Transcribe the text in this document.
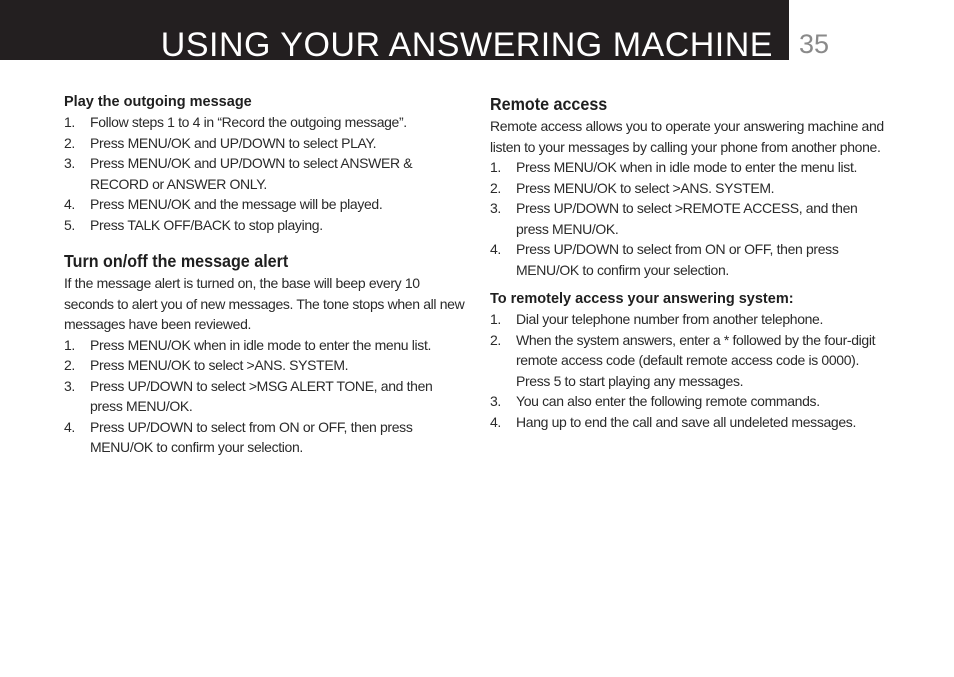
USING YOUR ANSWERING MACHINE 35
Play the outgoing message
1. Follow steps 1 to 4 in “Record the outgoing message”.
2. Press MENU/OK and UP/DOWN to select PLAY.
3. Press MENU/OK and UP/DOWN to select ANSWER & RECORD or ANSWER ONLY.
4. Press MENU/OK and the message will be played.
5. Press TALK OFF/BACK to stop playing.
Turn on/off the message alert

If the message alert is turned on, the base will beep every 10 seconds to alert you of new messages. The tone stops when all new messages have been reviewed.

1. Press MENU/OK when in idle mode to enter the menu list.
2. Press MENU/OK to select >ANS. SYSTEM.
3. Press UP/DOWN to select >MSG ALERT TONE, and then press MENU/OK.
4. Press UP/DOWN to select from ON or OFF, then press MENU/OK to confirm your selection.
Remote access

Remote access allows you to operate your answering machine and listen to your messages by calling your phone from another phone.

1. Press MENU/OK when in idle mode to enter the menu list.
2. Press MENU/OK to select >ANS. SYSTEM.
3. Press UP/DOWN to select >REMOTE ACCESS, and then press MENU/OK.
4. Press UP/DOWN to select from ON or OFF, then press MENU/OK to confirm your selection.
To remotely access your answering system:
1. Dial your telephone number from another telephone.
2. When the system answers, enter a * followed by the four-digit remote access code (default remote access code is 0000). Press 5 to start playing any messages.
3. You can also enter the following remote commands.
4. Hang up to end the call and save all undeleted messages.
